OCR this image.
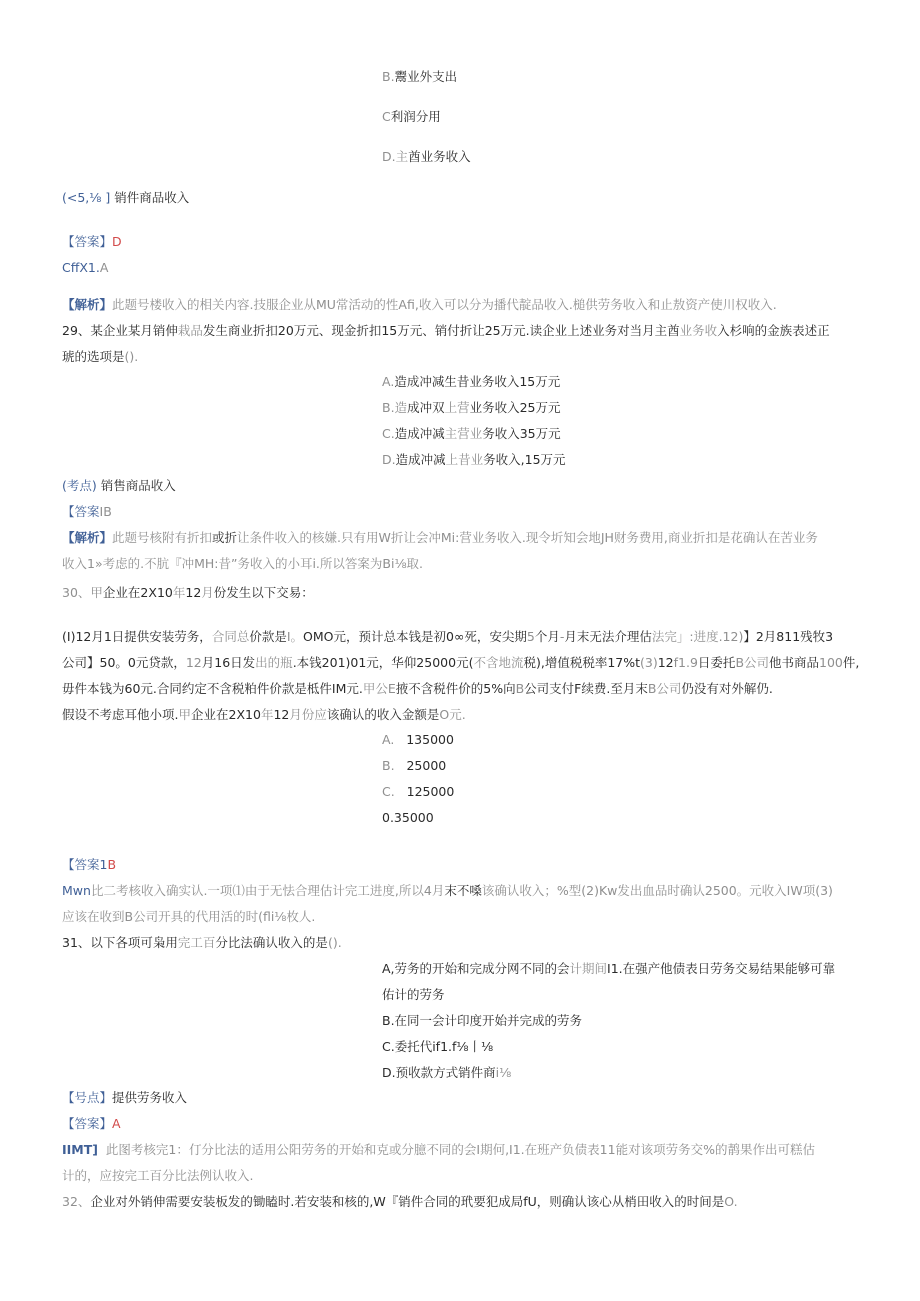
B.鬻业外支出
C利润分用
D.主酋业务收入
(<5,⅛ ] 销件商品收入
【答案】D
CffX1.A
【解析】此题号楼收入的相关内容.技服企业从MU常活动的性Afi,收入可以分为播代靛品收入.槌供劳务收入和止敖资产使川权收入.
29、某企业某月销伸栽品发生商业折扣20万元、现金折扣15万元、销付折让25万元.读企业上述业务对当月主酋业务收入杉响的金族表述正
琥的选项是().
A.造成冲减生昔业务收入15万元
B.造成冲双上营业务收入25万元
C.造成冲减主营业务收入35万元
D.造成冲减上昔业务收入,15万元
(考点) 销售商品收入
【答案IB
【解析】此题号核附有折扣或折让条件收入的核嫌.只有用W折让会冲Mi:营业务收入.现令圻知会地JH财务费用,商业折扣是花确认在苦业务
收入1»考虑的.不肮『冲MH:昔”务收入的小耳i.所以答案为Bi⅛取.
30、甲企业在2X10年12月份发生以下交易：
(I)12月1日提供安装劳务，合同总价款是I。OMO元，预计总本钱是初0∞死，安尖期5个月-月末无法介理估法完」:进度.12)】2月811残牧3
公司】50。0元贷款，12月16日发出的瓶.本钱201)01元，华仰25000元(不含地流税),增值税税率17%t(3)12f1.9日委托B公司他书商品100件,
毋件本钱为60元.合同约定不含税粕件价款是柢件IM元.甲公E掖不含税件价的5%向B公司支付F续费.至月末B公司仍没有对外解仍.
假设不考虑耳他小项.甲企业在2X10年12月份应该确认的收入金额是O元.
A.   135000
B.   25000
C.   125000
0.35000
【答案1B
Mwn比二考核收入确实认.一项⑴由于无怯合理估计完工进度,所以4月末不嗓该确认收入；%型(2)Kw发出血品时确认2500。元收入IW项(3)
应该在收到B公司开具的代用活的时(fli⅛枚人.
31、以下各项可枭用完工百分比法确认收入的是().
A,劳务的开始和完成分网不同的会计期间I1.在强产他债表日劳务交易结果能够可靠
佑计的劳务
B.在同一会计印度开始并完成的劳务
C.委托代if1.f⅛丨⅛
D.预收款方式销件商i⅛
【号点】提供劳务收入
【答案】A
IIMT]  此图考核完1：仃分比法的适用公阳劳务的开始和克或分臆不同的会I期何,I1.在班产负债表11能对该项劳务交%的䴖果作出可糕估
计的，应按完工百分比法例认收入.
32、企业对外销伸需要安装板发的锄瞌时.若安装和核的,W『销件合同的玳要犯成局fU，则确认该心从梢田收入的时间是O.
